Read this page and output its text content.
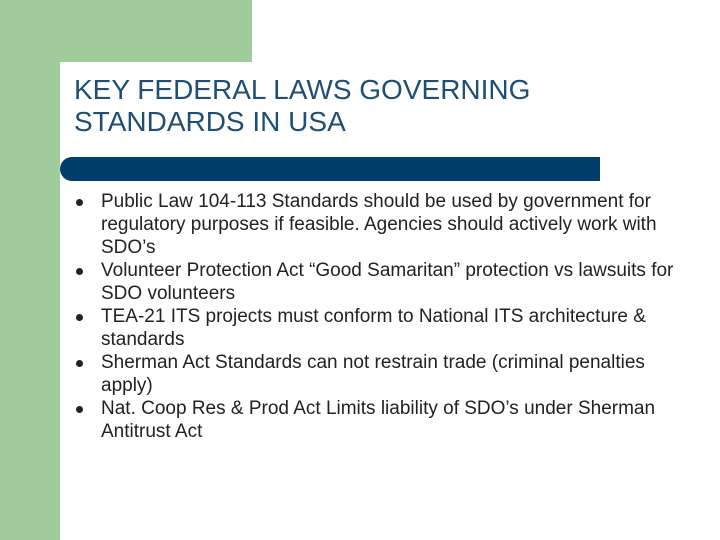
KEY FEDERAL LAWS GOVERNING
STANDARDS IN USA
Public Law 104-113 Standards should be used by government for regulatory purposes if feasible. Agencies should actively work with SDO’s
Volunteer Protection Act “Good Samaritan” protection vs lawsuits for SDO volunteers
TEA-21 ITS projects must conform to National ITS architecture & standards
Sherman Act Standards can not restrain trade (criminal penalties apply)
Nat. Coop Res & Prod Act Limits liability of SDO’s under Sherman Antitrust Act
